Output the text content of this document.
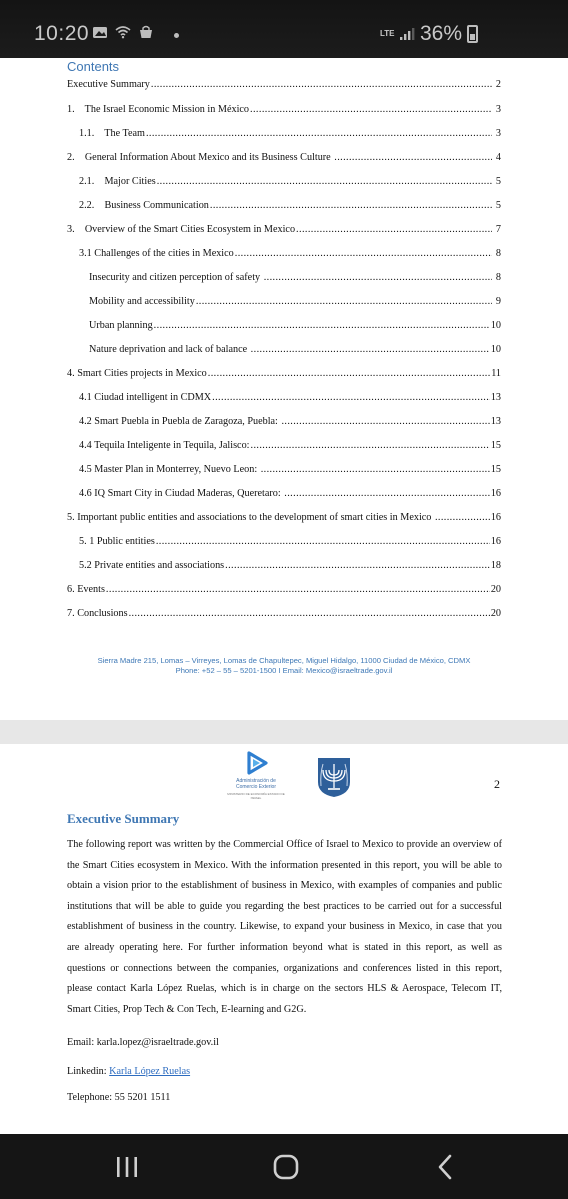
10:20	LTE 36%
Contents
Executive Summary .....	2
1.    The Israel Economic Mission in México .....	3
1.1.    The Team .....	3
2.    General Information About Mexico and its Business Culture .....	4
2.1.    Major Cities .....	5
2.2.    Business Communication .....	5
3.    Overview of the Smart Cities Ecosystem in Mexico .....	7
3.1 Challenges of the cities in Mexico .....	8
Insecurity and citizen perception of safety .....	8
Mobility and accessibility .....	9
Urban planning .....	10
Nature deprivation and lack of balance .....	10
4. Smart Cities projects in Mexico .....	11
4.1 Ciudad intelligent in CDMX .....	13
4.2 Smart Puebla in Puebla de Zaragoza, Puebla: .....	13
4.4 Tequila Inteligente in Tequila, Jalisco: .....	15
4.5 Master Plan in Monterrey, Nuevo Leon: .....	15
4.6 IQ Smart City in Ciudad Maderas, Queretaro: .....	16
5. Important public entities and associations to the development of smart cities in Mexico .....	16
5. 1 Public entities .....	16
5.2 Private entities and associations .....	18
6. Events .....	20
7. Conclusions .....	20
Sierra Madre 215, Lomas – Virreyes, Lomas de Chapultepec, Miguel Hidalgo, 11000 Ciudad de México, CDMX
Phone: +52 – 55 – 5201-1500 I Email: Mexico@israeltrade.gov.il
Administración de Comercio Exterior
MINISTERIO DE ECONOMÍA ESTADO DE ISRAEL
2
Executive Summary

The following report was written by the Commercial Office of Israel to Mexico to provide an overview of the Smart Cities ecosystem in Mexico. With the information presented in this report, you will be able to obtain a vision prior to the establishment of business in Mexico, with examples of companies and public institutions that will be able to guide you regarding the best practices to be carried out for a successful establishment of business in the country. Likewise, to expand your business in Mexico, in case that you are already operating here. For further information beyond what is stated in this report, as well as questions or connections between the companies, organizations and conferences listed in this report, please contact Karla López Ruelas, which is in charge on the sectors HLS & Aerospace, Telecom IT, Smart Cities, Prop Tech & Con Tech, E-learning and G2G.

Email: karla.lopez@israeltrade.gov.il
Linkedin: Karla López Ruelas
Telephone: 55 5201 1511
